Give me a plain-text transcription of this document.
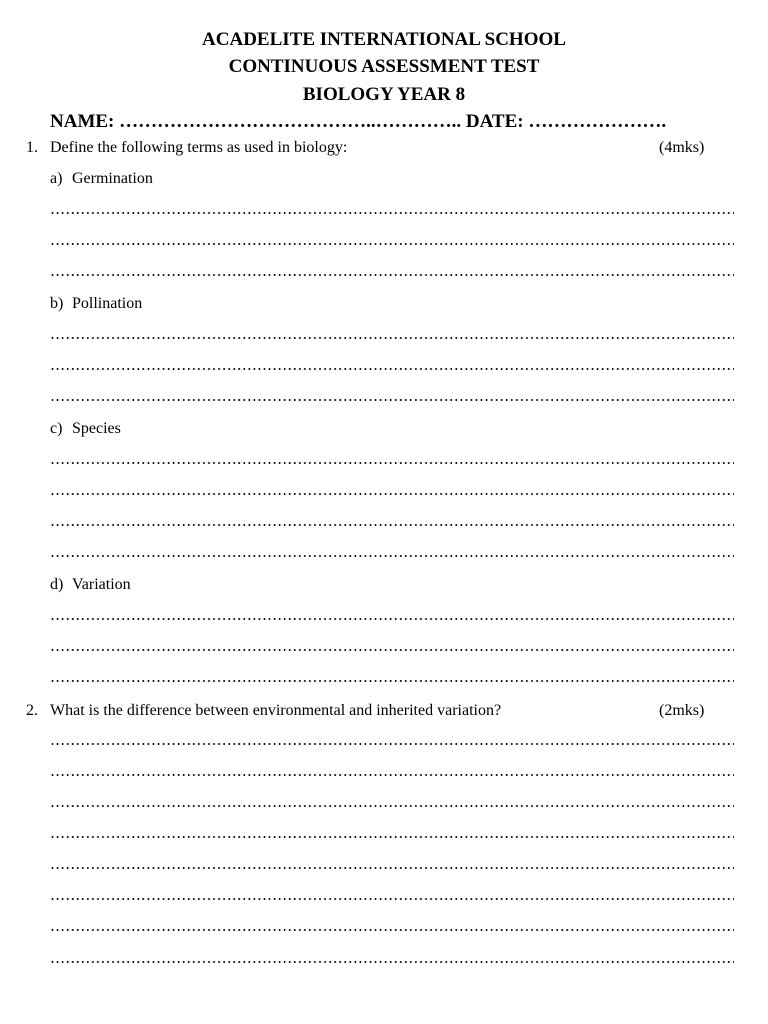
ACADELITE INTERNATIONAL SCHOOL
CONTINUOUS ASSESSMENT TEST
BIOLOGY YEAR 8
NAME: …………………………………..………….. DATE: ………………….
1. Define the following terms as used in biology:	(4mks)
a) Germination
b) Pollination
c) Species
d) Variation
2. What is the difference between environmental and inherited variation?	(2mks)
